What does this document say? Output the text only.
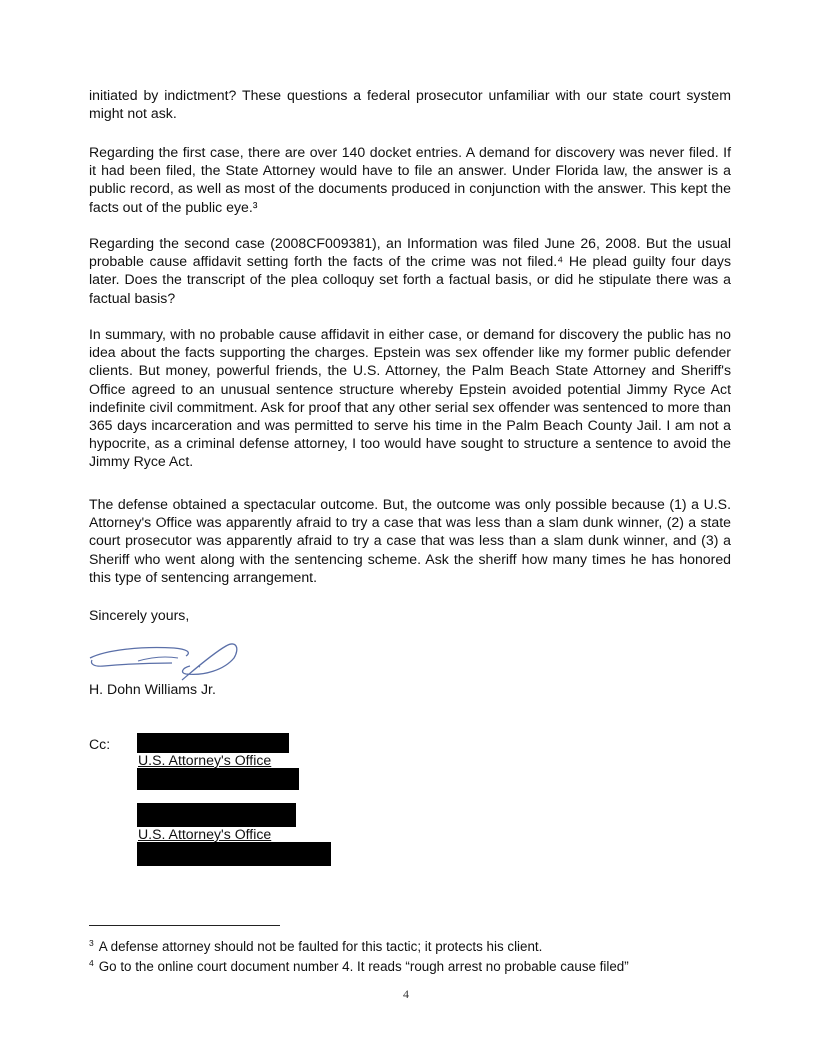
initiated by indictment? These questions a federal prosecutor unfamiliar with our state court system might not ask.

Regarding the first case, there are over 140 docket entries. A demand for discovery was never filed. If it had been filed, the State Attorney would have to file an answer. Under Florida law, the answer is a public record, as well as most of the documents produced in conjunction with the answer. This kept the facts out of the public eye.³

Regarding the second case (2008CF009381), an Information was filed June 26, 2008. But the usual probable cause affidavit setting forth the facts of the crime was not filed.⁴ He plead guilty four days later. Does the transcript of the plea colloquy set forth a factual basis, or did he stipulate there was a factual basis?

In summary, with no probable cause affidavit in either case, or demand for discovery the public has no idea about the facts supporting the charges. Epstein was sex offender like my former public defender clients. But money, powerful friends, the U.S. Attorney, the Palm Beach State Attorney and Sheriff's Office agreed to an unusual sentence structure whereby Epstein avoided potential Jimmy Ryce Act indefinite civil commitment. Ask for proof that any other serial sex offender was sentenced to more than 365 days incarceration and was permitted to serve his time in the Palm Beach County Jail. I am not a hypocrite, as a criminal defense attorney, I too would have sought to structure a sentence to avoid the Jimmy Ryce Act.

The defense obtained a spectacular outcome. But, the outcome was only possible because (1) a U.S. Attorney's Office was apparently afraid to try a case that was less than a slam dunk winner, (2) a state court prosecutor was apparently afraid to try a case that was less than a slam dunk winner, and (3) a Sheriff who went along with the sentencing scheme. Ask the sheriff how many times he has honored this type of sentencing arrangement.

Sincerely yours,
H. Dohn Williams Jr.
Cc:
U.S. Attorney's Office
U.S. Attorney's Office
$^3$ A defense attorney should not be faulted for this tactic; it protects his client.
$^4$ Go to the online court document number 4. It reads “rough arrest no probable cause filed”
4
